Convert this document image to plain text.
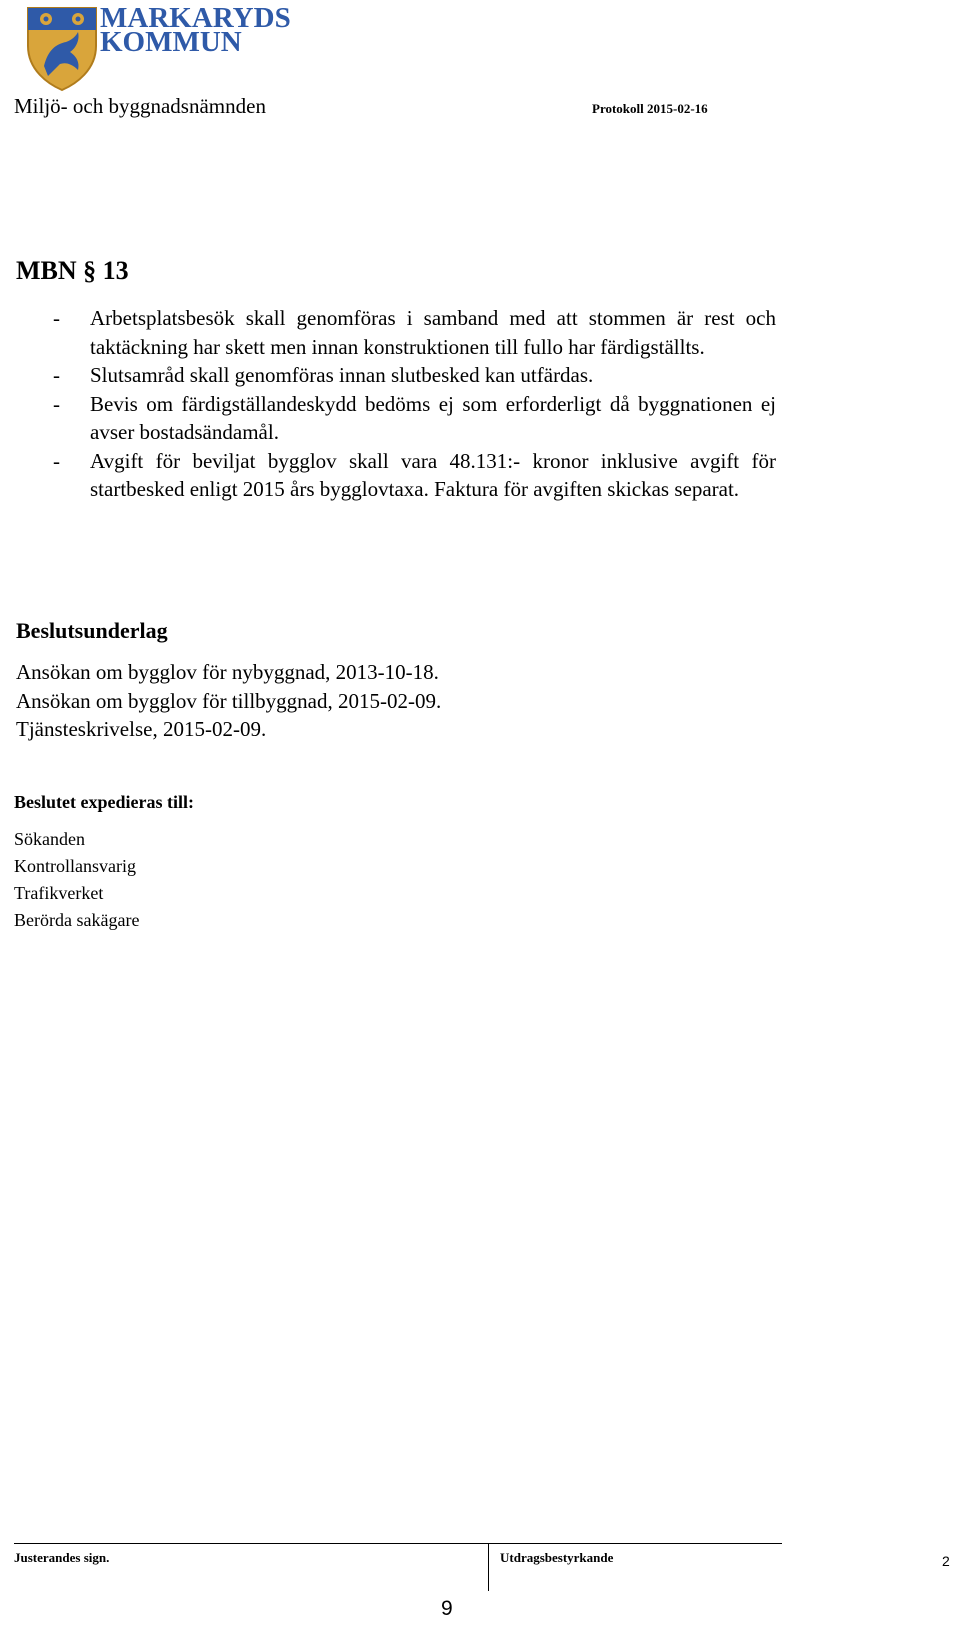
MARKARYDS
KOMMUN
Miljö- och byggnadsnämnden	Protokoll 2015-02-16
MBN § 13
-	Arbetsplatsbesök skall genomföras i samband med att stommen är rest och taktäckning har skett men innan konstruktionen till fullo har färdigställts.
-	Slutsamråd skall genomföras innan slutbesked kan utfärdas.
-	Bevis om färdigställandeskydd bedöms ej som erforderligt då byggnationen ej avser bostadsändamål.
-	Avgift för beviljat bygglov skall vara 48.131:- kronor inklusive avgift för startbesked enligt 2015 års bygglovtaxa. Faktura för avgiften skickas separat.
Beslutsunderlag
Ansökan om bygglov för nybyggnad, 2013-10-18.
Ansökan om bygglov för tillbyggnad, 2015-02-09.
Tjänsteskrivelse, 2015-02-09.
Beslutet expedieras till:
Sökanden
Kontrollansvarig
Trafikverket
Berörda sakägare
Justerandes sign.	Utdragsbestyrkande	2
9
